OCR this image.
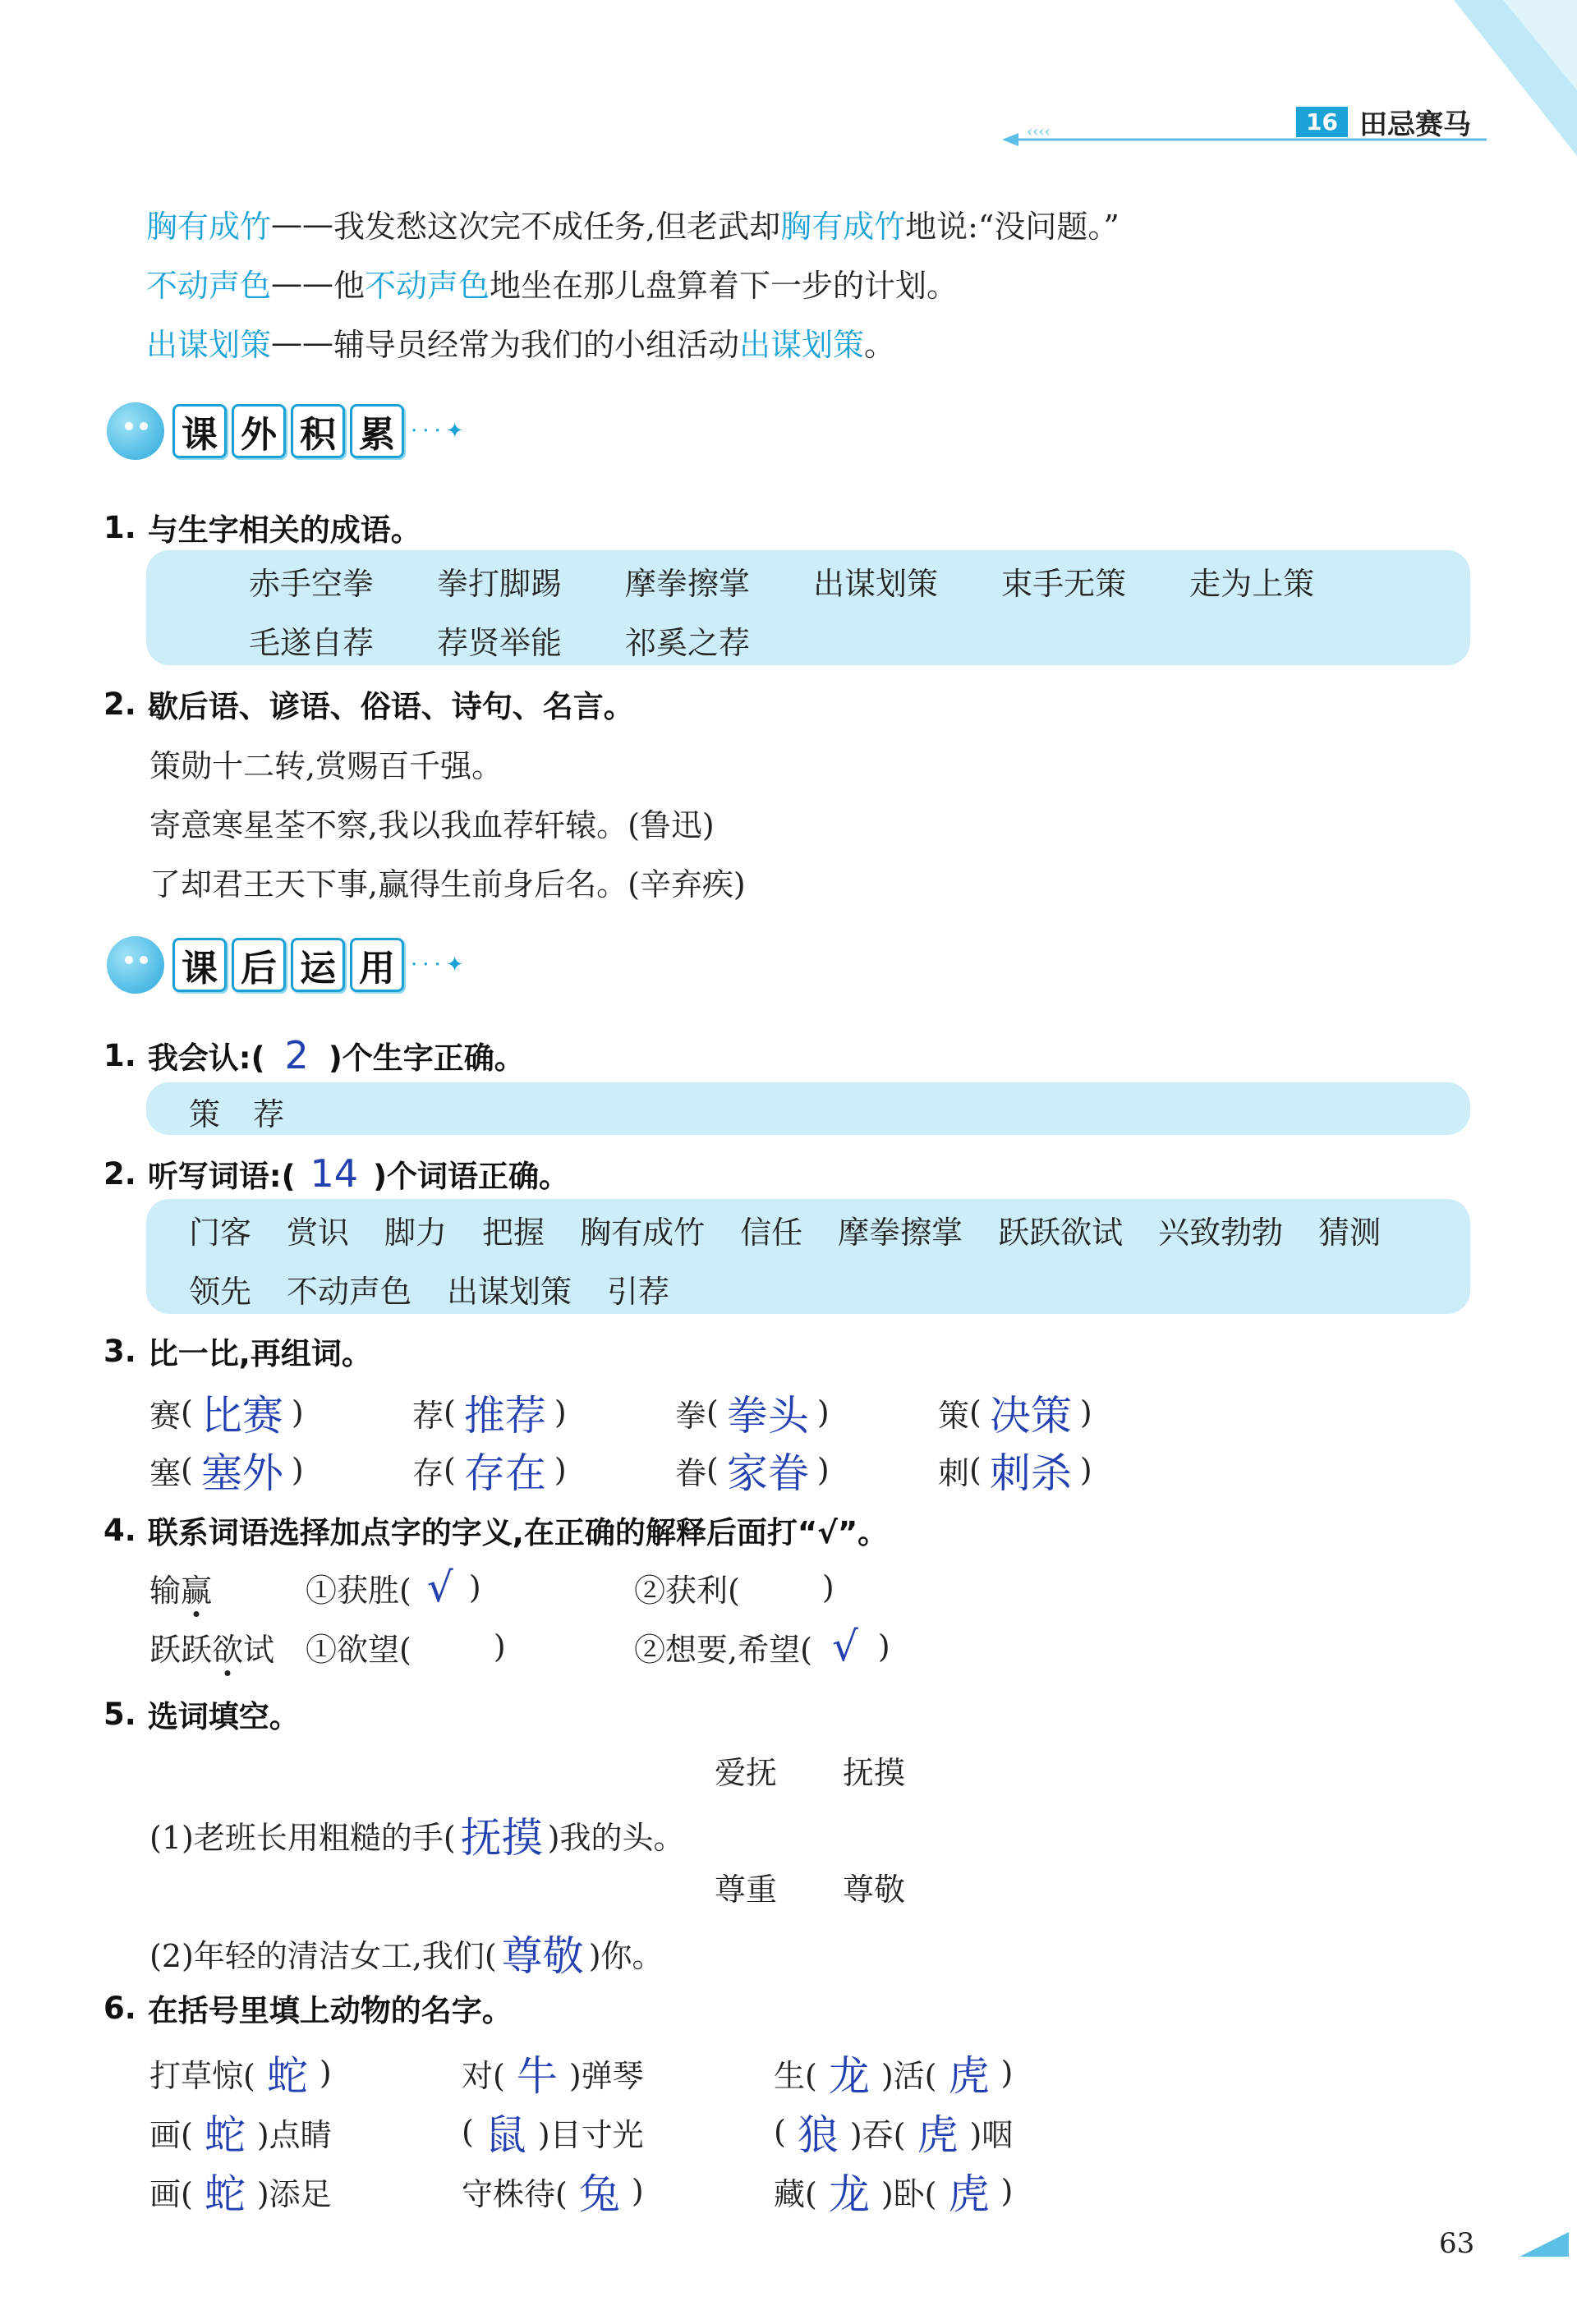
‹‹‹‹	16 田忌赛马
胸有成竹 —— 我发愁这次完不成任务,但老武却 胸有成竹 地说:“没问题。”
不动声色 —— 他 不动声色 地坐在那儿盘算着下一步的计划。
出谋划策 —— 辅导员经常为我们的小组活动 出谋划策 。
课 外 积 累 ···✦
1. 与生字相关的成语。
赤手空拳 拳打脚踢 摩拳擦掌 出谋划策 束手无策 走为上策
毛遂自荐 荐贤举能 祁奚之荐
2. 歇后语、谚语、俗语、诗句、名言。
策勋十二转,赏赐百千强。
寄意寒星荃不察,我以我血荐轩辕。(鲁迅)
了却君王天下事,赢得生前身后名。(辛弃疾)
课 后 运 用 ···✦
1. 我会认:( 2 )个生字正确。
策 荐
2. 听写词语:( 14 )个词语正确。
门客 赏识 脚力 把握 胸有成竹 信任 摩拳擦掌 跃跃欲试 兴致勃勃 猜测
领先 不动声色 出谋划策 引荐
3. 比一比,再组词。
赛 ( 比赛 )	荐 ( 推荐 )	拳 ( 拳头 )	策 ( 决策 )
塞 ( 塞外 )	存 ( 存在 )	眷 ( 家眷 )	刺 ( 刺杀 )
4. 联系词语选择加点字的字义,在正确的解释后面打“√”。
输赢	①获胜( √ )	②获利(	)
跃跃欲试 ①欲望(	)	②想要,希望( √ )
5. 选词填空。
爱抚 抚摸
(1)老班长用粗糙的手( 抚摸 )我的头。
尊重 尊敬
(2)年轻的清洁女工,我们( 尊敬 )你。
6. 在括号里填上动物的名字。
打草惊( 蛇 )	对( 牛 )弹琴	生( 龙 )活( 虎 )
画( 蛇 )点睛	( 鼠 )目寸光	( 狼 )吞( 虎 )咽
画( 蛇 )添足	守株待( 兔 )	藏( 龙 )卧( 虎 )
63
